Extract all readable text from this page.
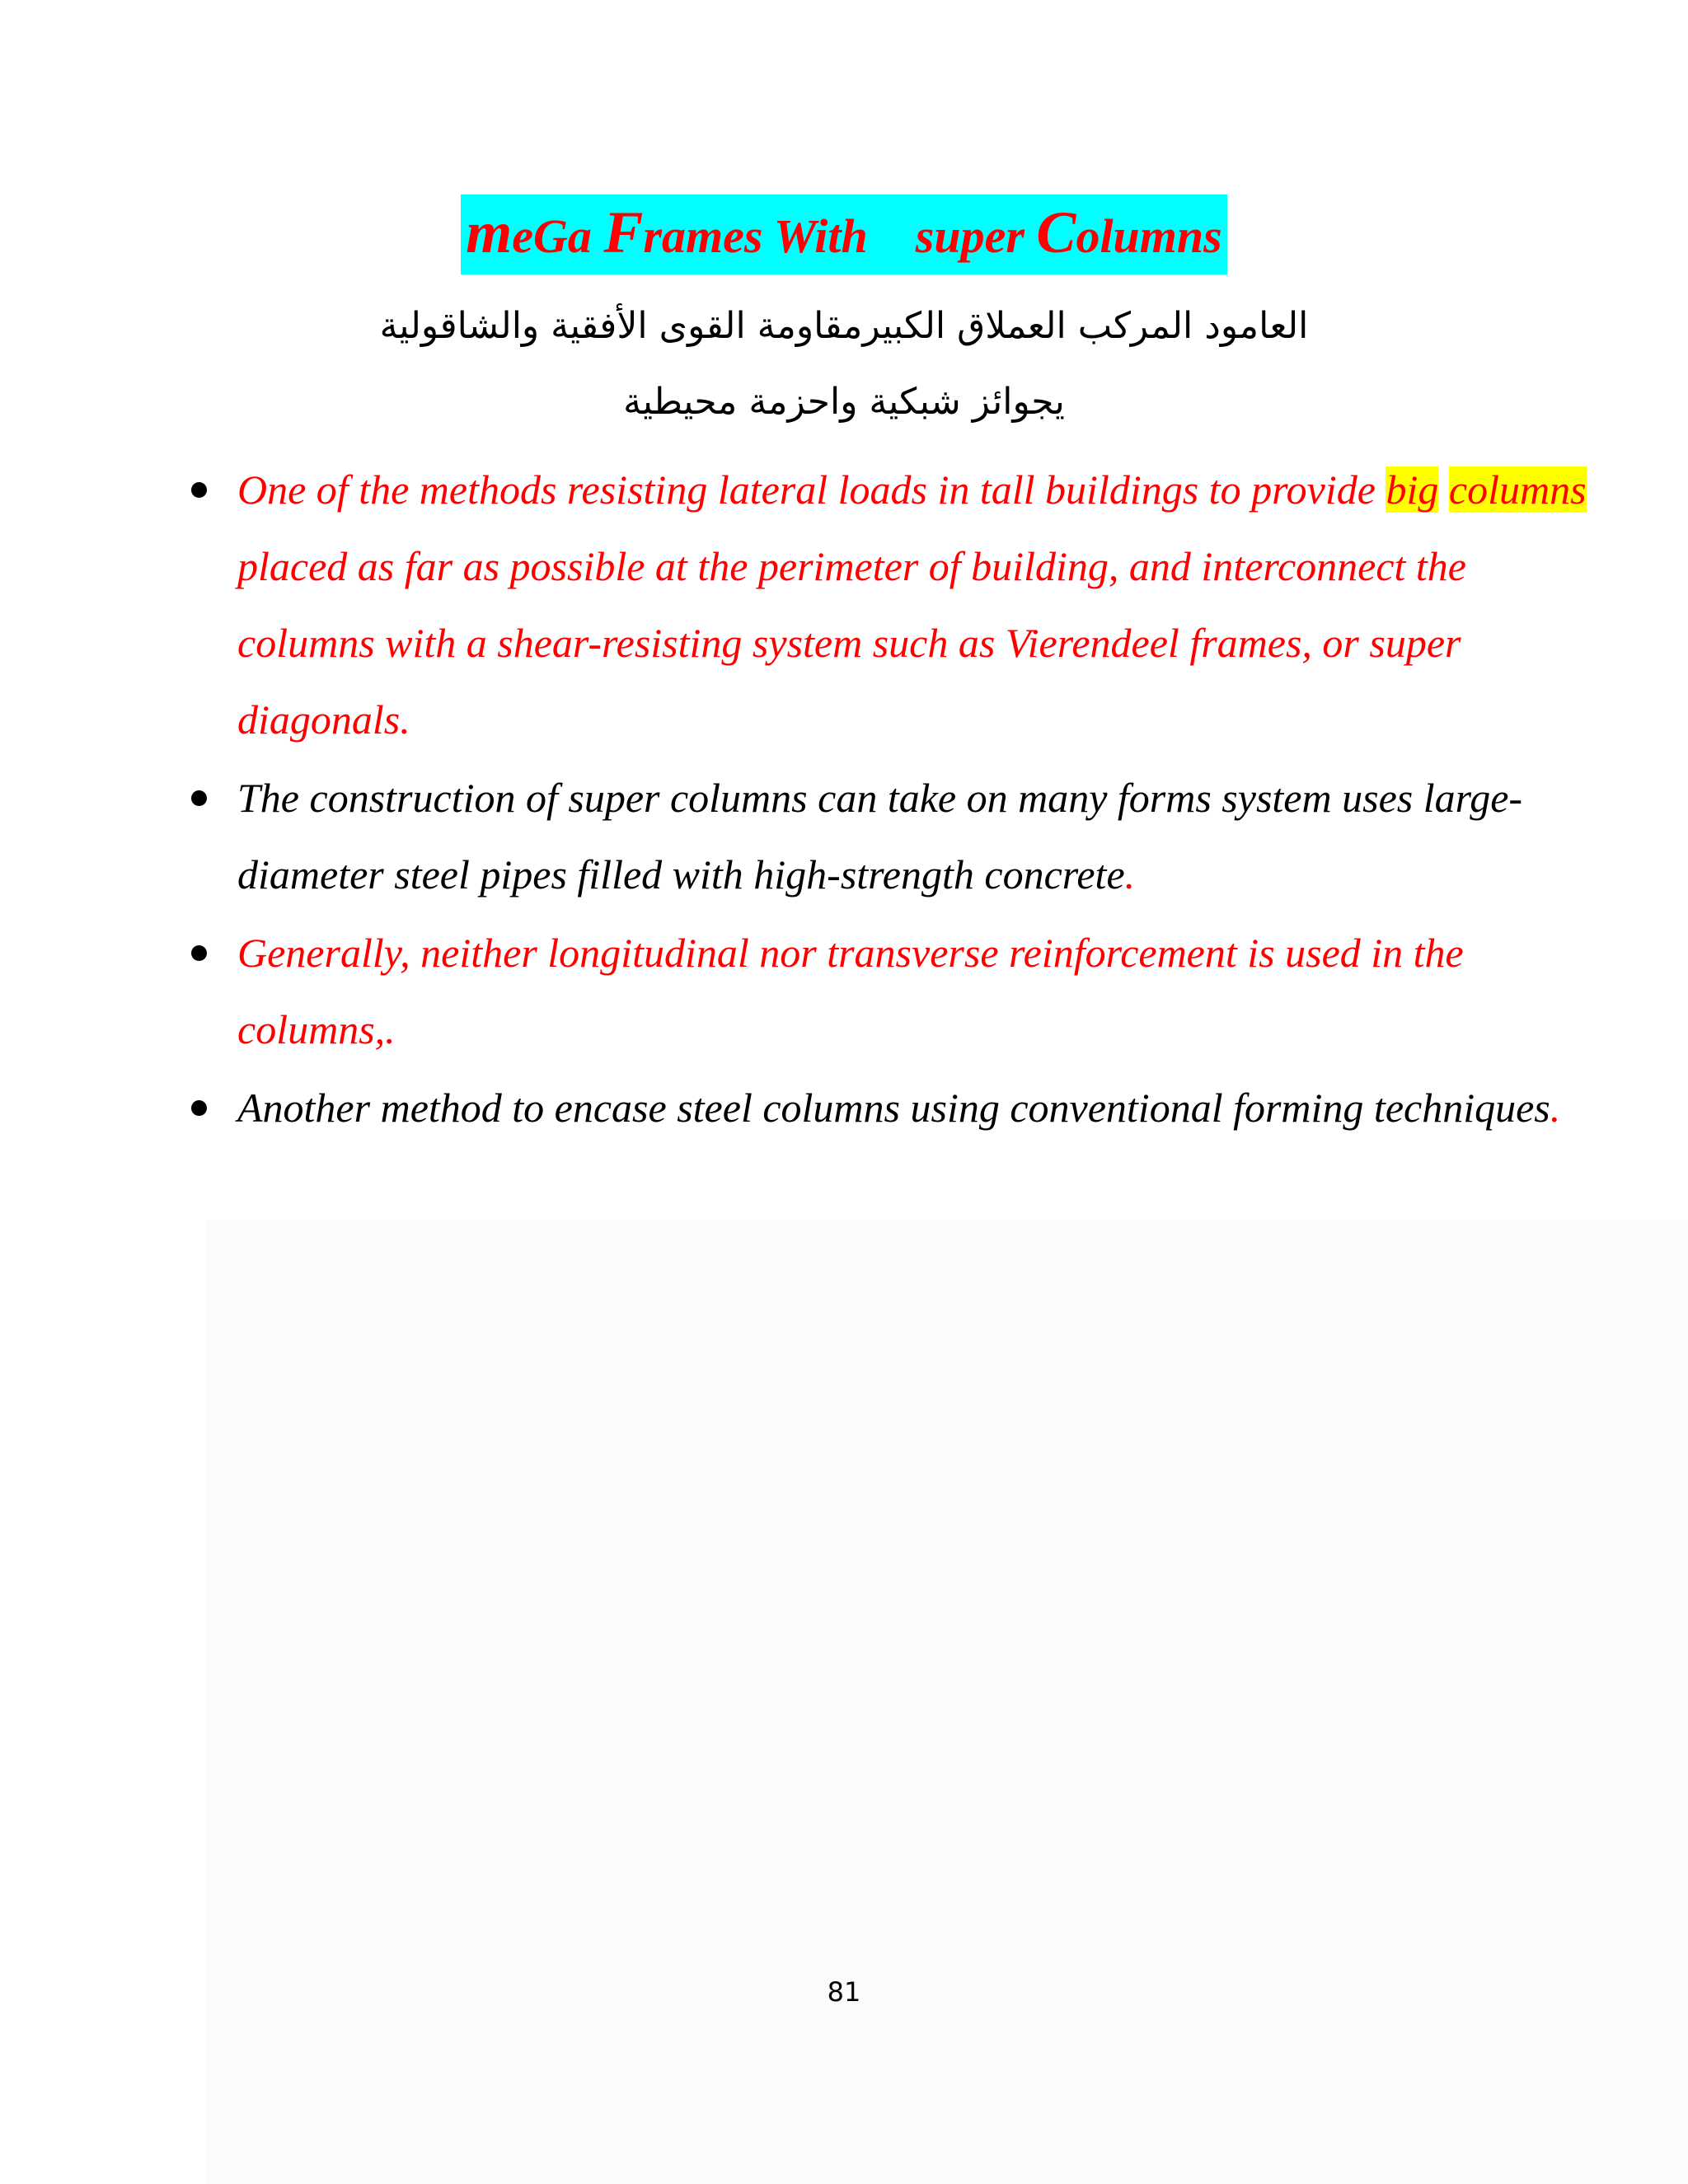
meGa Frames With    super Columns
العامود المركب العملاق الكبيرمقاومة القوى الأفقية والشاقولية
يجوائز شبكية واحزمة محيطية
One of the methods resisting lateral loads in tall buildings to provide big columns placed as far as possible at the perimeter of building, and interconnect the columns with a shear-resisting system such as Vierendeel frames, or super diagonals.
The construction of super columns can take on many forms system uses large-diameter steel pipes filled with high-strength concrete.
Generally, neither longitudinal nor transverse reinforcement is used in the columns,.
Another method to encase steel columns using conventional forming techniques.
81
